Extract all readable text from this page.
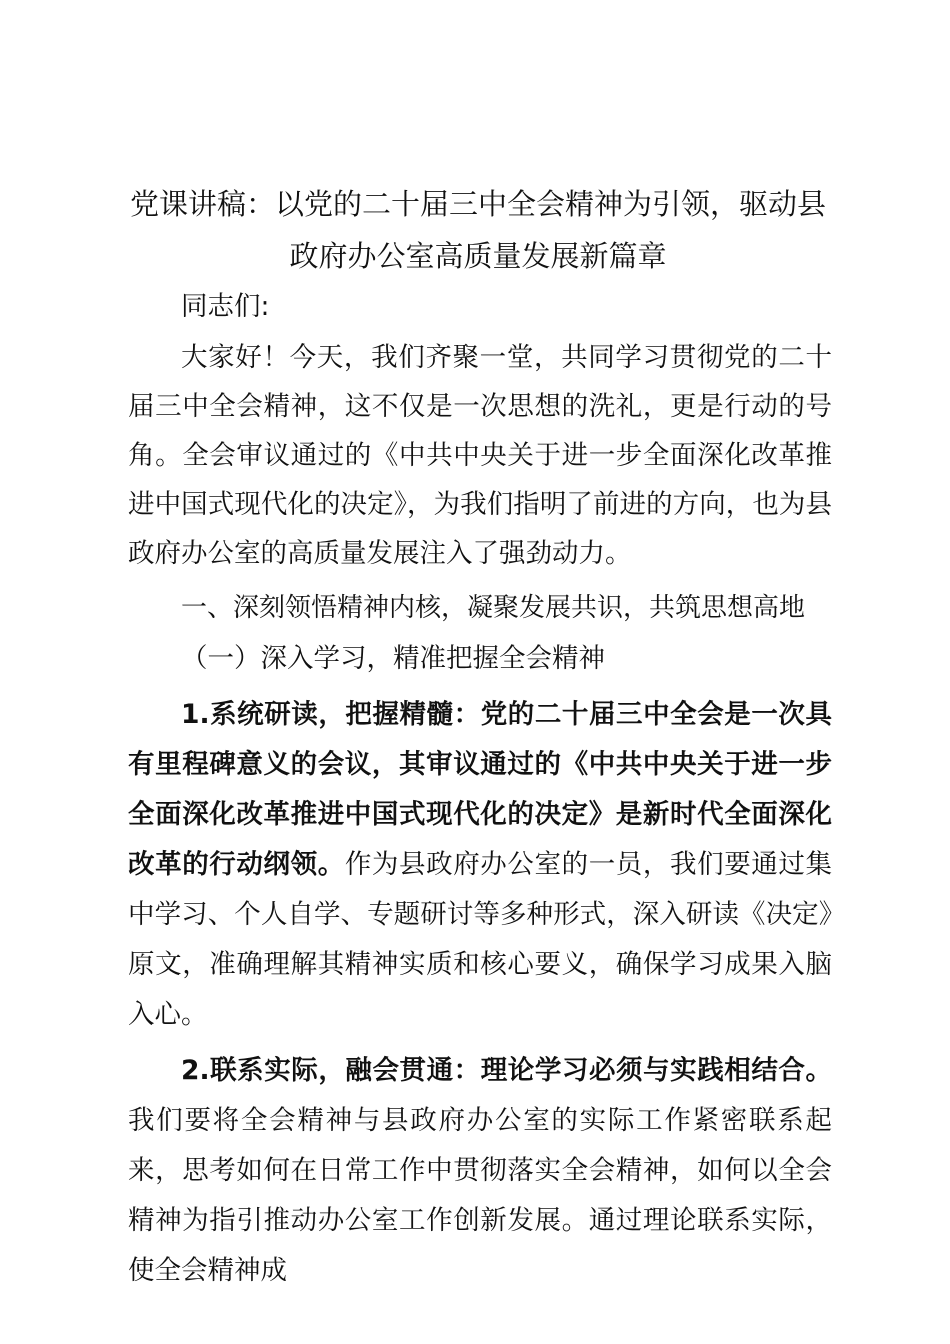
党课讲稿：以党的二十届三中全会精神为引领，驱动县政府办公室高质量发展新篇章

同志们:

大家好！今天，我们齐聚一堂，共同学习贯彻党的二十届三中全会精神，这不仅是一次思想的洗礼，更是行动的号角。全会审议通过的《中共中央关于进一步全面深化改革推进中国式现代化的决定》，为我们指明了前进的方向，也为县政府办公室的高质量发展注入了强劲动力。

一、深刻领悟精神内核，凝聚发展共识，共筑思想高地

（一）深入学习，精准把握全会精神

1.系统研读，把握精髓：党的二十届三中全会是一次具有里程碑意义的会议，其审议通过的《中共中央关于进一步全面深化改革推进中国式现代化的决定》是新时代全面深化改革的行动纲领。作为县政府办公室的一员，我们要通过集中学习、个人自学、专题研讨等多种形式，深入研读《决定》原文，准确理解其精神实质和核心要义，确保学习成果入脑入心。

2.联系实际，融会贯通：理论学习必须与实践相结合。我们要将全会精神与县政府办公室的实际工作紧密联系起来，思考如何在日常工作中贯彻落实全会精神，如何以全会精神为指引推动办公室工作创新发展。通过理论联系实际，使全会精神成
